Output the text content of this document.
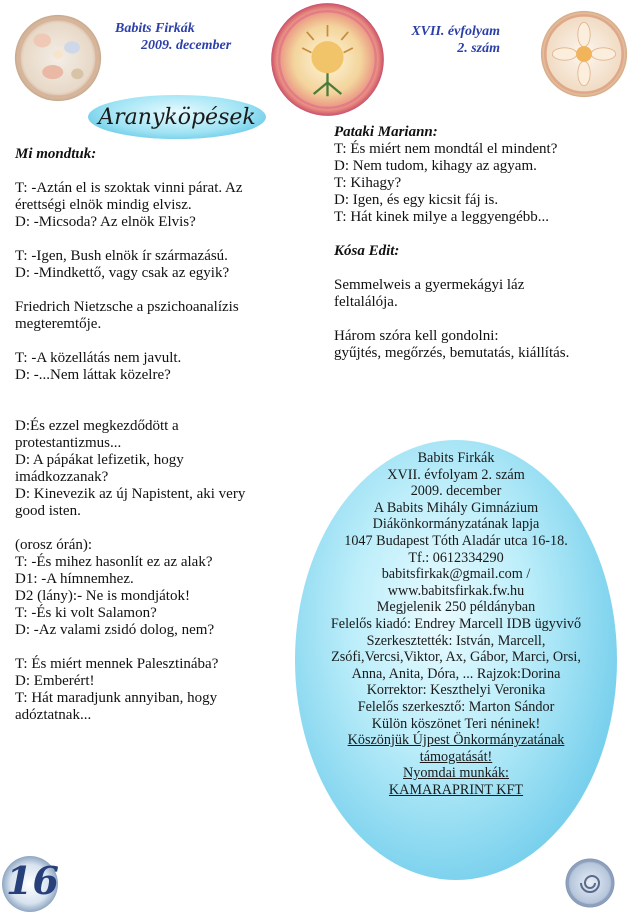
Babits Firkák
2009. december
XVII. évfolyam
2. szám
Aranyköpések

Mi mondtuk:

T: -Aztán el is szoktak vinni párat. Az

érettségi elnök mindig elvisz.

D: -Micsoda? Az elnök Elvis?

T: -Igen, Bush elnök ír származású.

D: -Mindkettő, vagy csak az egyik?

Friedrich Nietzsche a pszichoanalízis

megteremtője.

T: -A közellátás nem javult.

D: -...Nem láttak közelre?

D:És ezzel megkezdődött a

protestantizmus...

D: A pápákat lefizetik, hogy

imádkozzanak?

D: Kinevezik az új Napistent, aki very

good isten.

(orosz órán):

T: -És mihez hasonlít ez az alak?

D1: -A hímnemhez.

D2 (lány):- Ne is mondjátok!

T: -És ki volt Salamon?

D: -Az valami zsidó dolog, nem?

T: És miért mennek Palesztinába?

D: Emberért!

T: Hát maradjunk annyiban, hogy

adóztatnak...

Pataki Mariann:

T: És miért nem mondtál el mindent?

D: Nem tudom, kihagy az agyam.

T: Kihagy?

D: Igen, és egy kicsit fáj is.

T: Hát kinek milye a leggyengébb...

Kósa Edit:

Semmelweis a gyermekágyi láz

feltalálója.

Három szóra kell gondolni:

gyűjtés, megőrzés, bemutatás, kiállítás.

Babits Firkák
XVII. évfolyam 2. szám
2009. december
A Babits Mihály Gimnázium
Diákönkormányzatának lapja
1047 Budapest Tóth Aladár utca 16-18.
Tf.: 0612334290
babitsfirkak@gmail.com /
www.babitsfirkak.fw.hu
Megjelenik 250 példányban
Felelős kiadó: Endrey Marcell IDB ügyvivő
Szerkesztették: István, Marcell,
Zsófi,Vercsi,Viktor, Ax, Gábor, Marci, Orsi,
Anna, Anita, Dóra, ... Rajzok:Dorina
Korrektor: Keszthelyi Veronika
Felelős szerkesztő: Marton Sándor
Külön köszönet Teri néninek!
Köszönjük Újpest Önkormányzatának
támogatását!
Nyomdai munkák:
KAMARAPRINT KFT
16
